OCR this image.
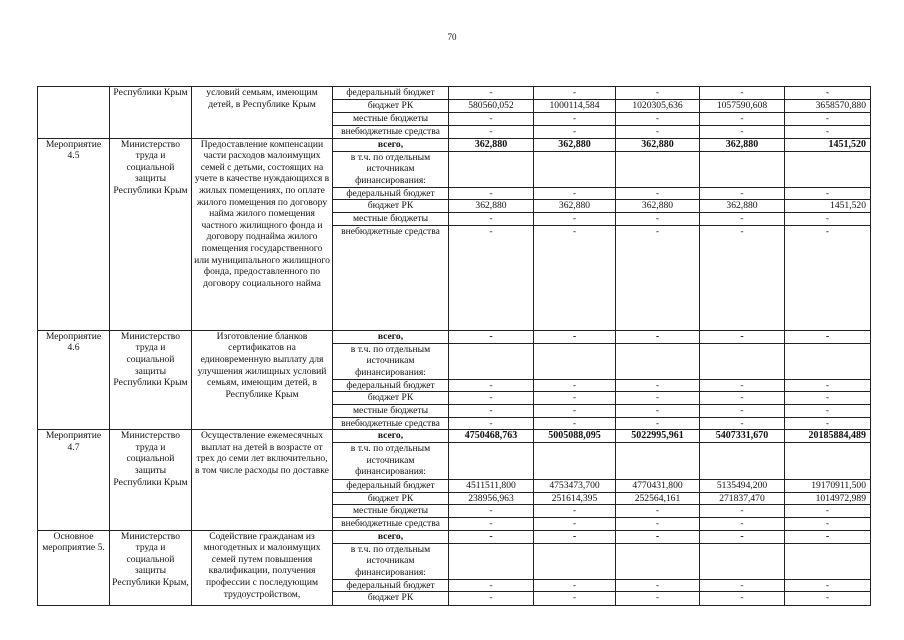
70
	Республики Крым	условий семьям, имеющим детей, в Республике Крым	федеральный бюджет	-	-	-	-	-
			бюджет РК	580560,052	1000114,584	1020305,636	1057590,608	3658570,880
			местные бюджеты	-	-	-	-	-
			внебюджетные средства	-	-	-	-	-
Мероприятие 4.5	Министерство труда и социальной защиты Республики Крым	Предоставление компенсации части расходов малоимущих семей с детьми, состоящих на учете в качестве нуждающихся в жилых помещениях, по оплате жилого помещения по договору найма жилого помещения частного жилищного фонда и договору поднайма жилого помещения государственного или муниципального жилищного фонда, предоставленного по договору социального найма	всего,	362,880	362,880	362,880	362,880	1451,520
			в т.ч. по отдельным источникам финансирования:					
			федеральный бюджет	-	-	-	-	-
			бюджет РК	362,880	362,880	362,880	362,880	1451,520
			местные бюджеты	-	-	-	-	-
			внебюджетные средства	-	-	-	-	-
Мероприятие 4.6	Министерство труда и социальной защиты Республики Крым	Изготовление бланков сертификатов на единовременную выплату для улучшения жилищных условий семьям, имеющим детей, в Республике Крым	всего,	-	-	-	-	-
			в т.ч. по отдельным источникам финансирования:					
			федеральный бюджет	-	-	-	-	-
			бюджет РК	-	-	-	-	-
			местные бюджеты	-	-	-	-	-
			внебюджетные средства	-	-	-	-	-
Мероприятие 4.7	Министерство труда и социальной защиты Республики Крым	Осуществление ежемесячных выплат на детей в возрасте от трех до семи лет включительно, в том числе расходы по доставке	всего,	4750468,763	5005088,095	5022995,961	5407331,670	20185884,489
			в т.ч. по отдельным источникам финансирования:					
			федеральный бюджет	4511511,800	4753473,700	4770431,800	5135494,200	19170911,500
			бюджет РК	238956,963	251614,395	252564,161	271837,470	1014972,989
			местные бюджеты	-	-	-	-	-
			внебюджетные средства	-	-	-	-	-
Основное мероприятие 5.	Министерство труда и социальной защиты Республики Крым,	Содействие гражданам из многодетных и малоимущих семей путем повышения квалификации, получения профессии с последующим трудоустройством,	всего,	-	-	-	-	-
			в т.ч. по отдельным источникам финансирования:					
			федеральный бюджет	-	-	-	-	-
			бюджет РК	-	-	-	-	-
